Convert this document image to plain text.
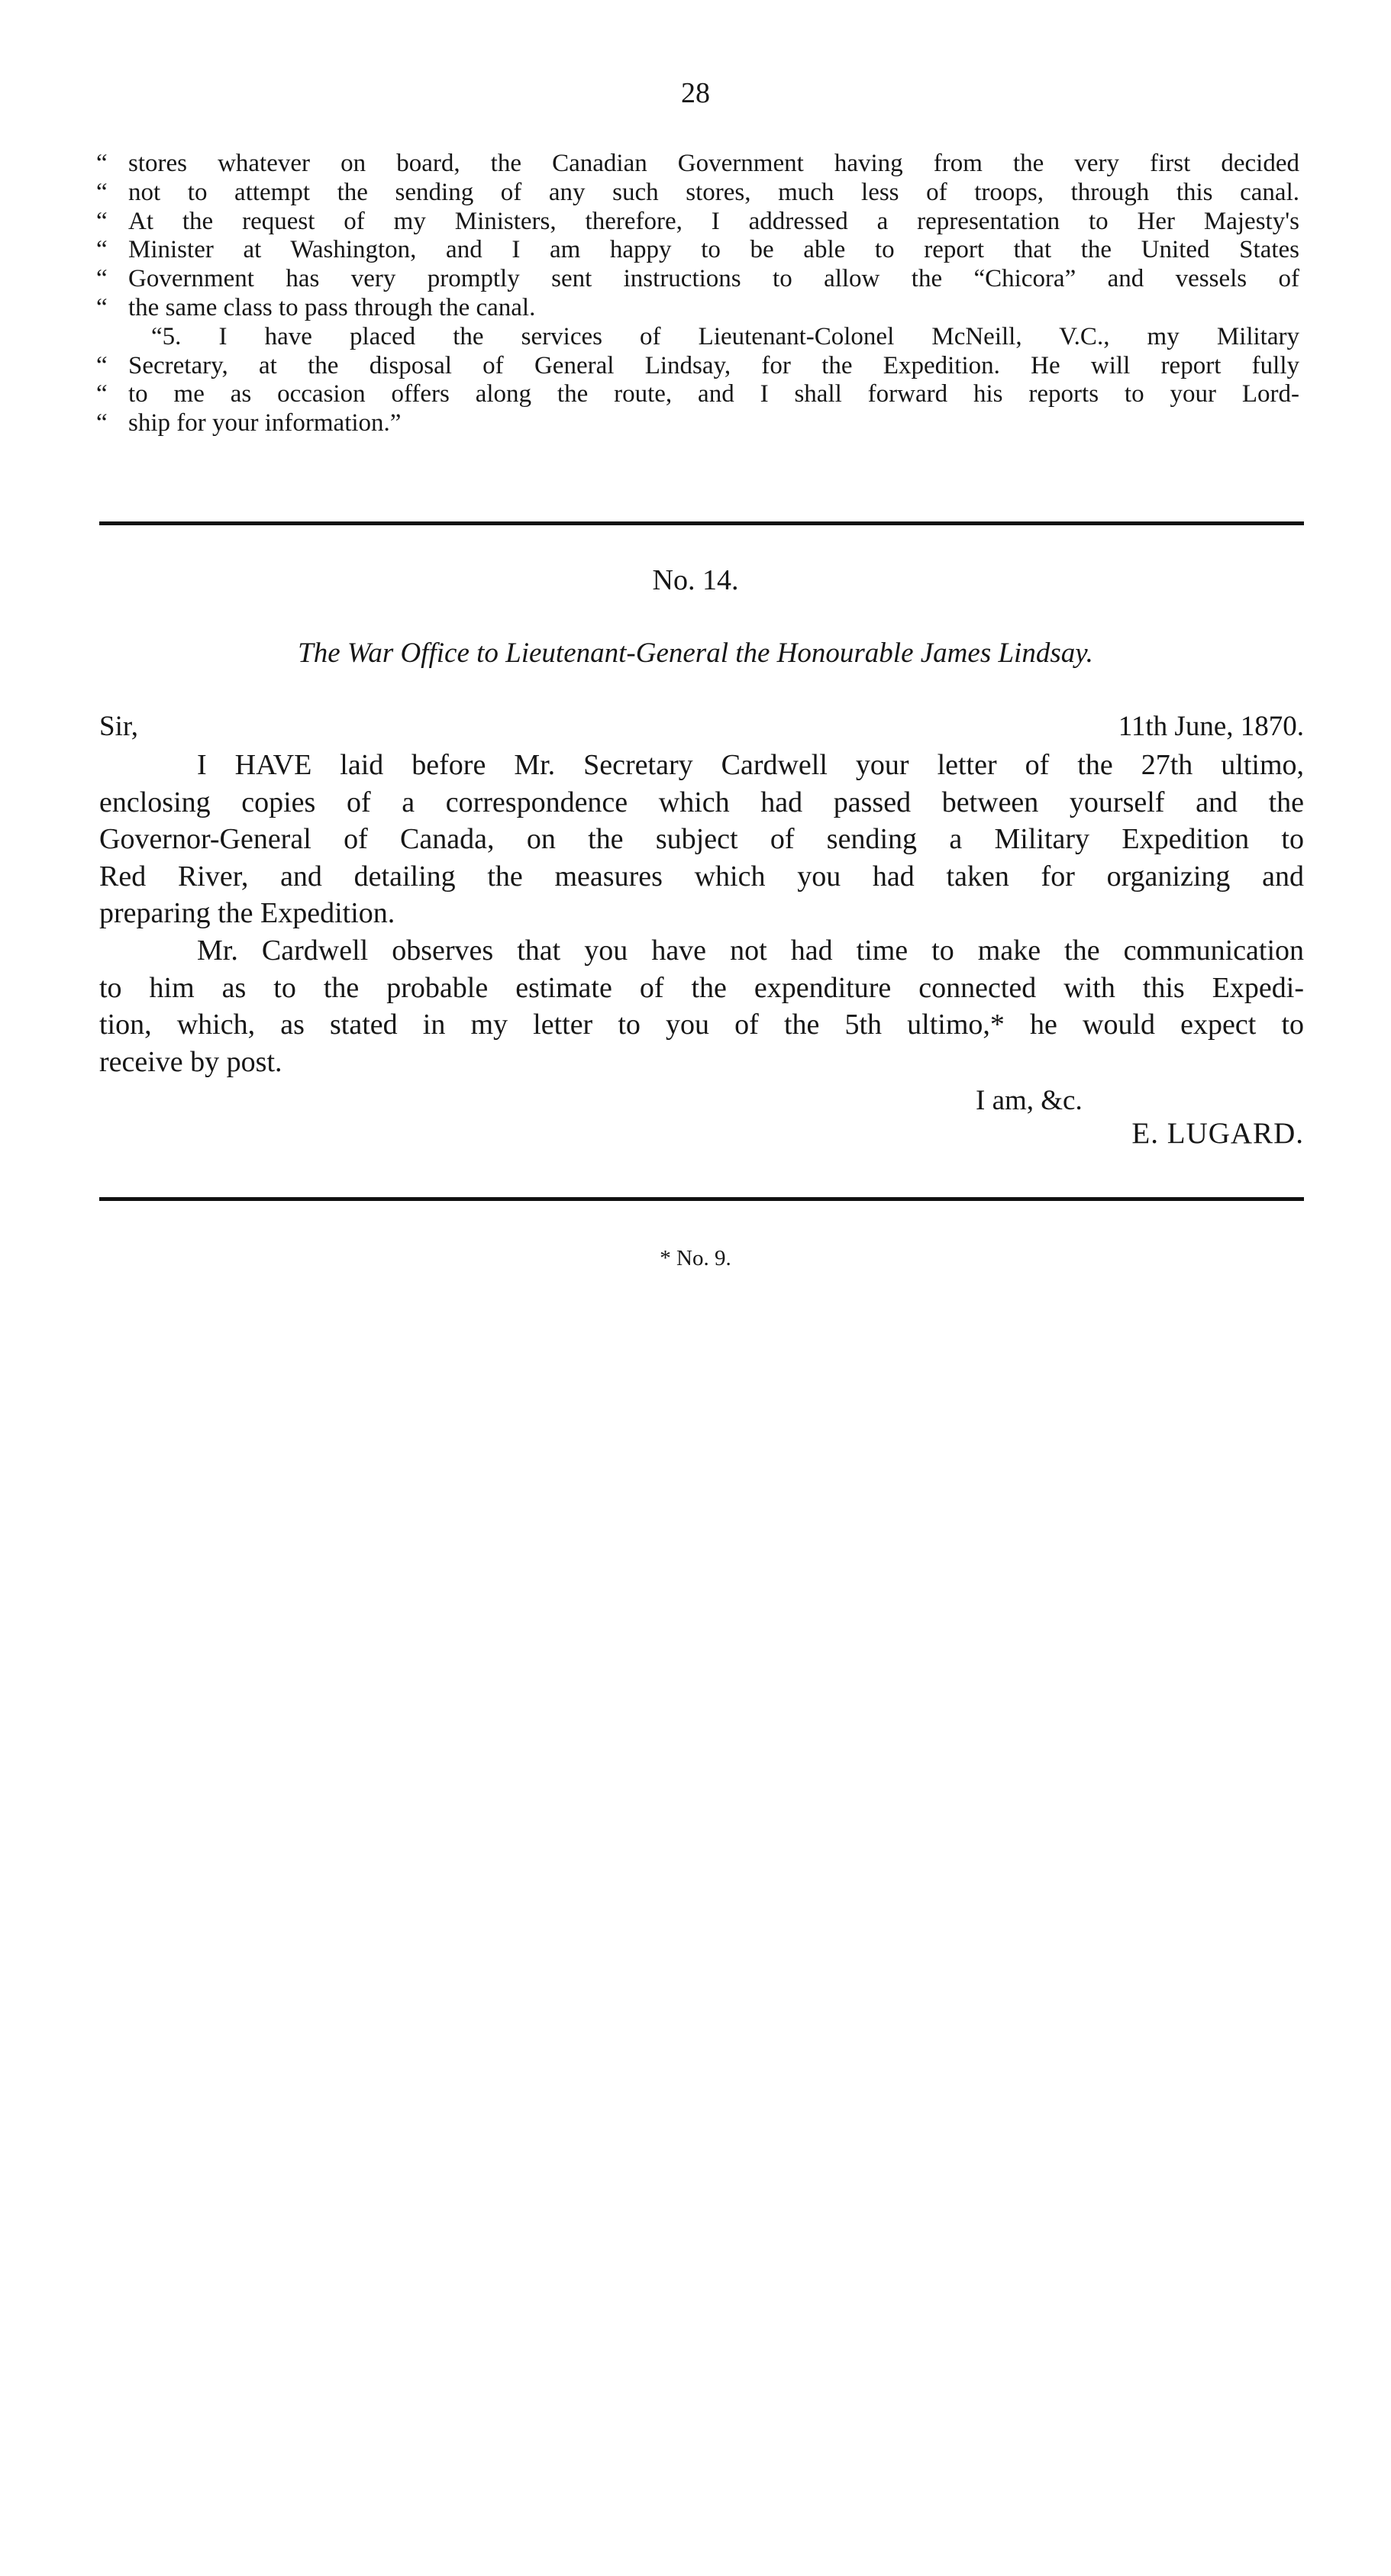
28
“ stores whatever on board, the Canadian Government having from the very first decided
“ not to attempt the sending of any such stores, much less of troops, through this canal.
“ At the request of my Ministers, therefore, I addressed a representation to Her Majesty's
“ Minister at Washington, and I am happy to be able to report that the United States
“ Government has very promptly sent instructions to allow the “Chicora” and vessels of
“ the same class to pass through the canal.
“5. I have placed the services of Lieutenant-Colonel McNeill, V.C., my Military
“ Secretary, at the disposal of General Lindsay, for the Expedition. He will report fully
“ to me as occasion offers along the route, and I shall forward his reports to your Lord-
“ ship for your information.”
No. 14.
The War Office to Lieutenant-General the Honourable James Lindsay.
Sir,	11th June, 1870.
I HAVE laid before Mr. Secretary Cardwell your letter of the 27th ultimo,
enclosing copies of a correspondence which had passed between yourself and the
Governor-General of Canada, on the subject of sending a Military Expedition to
Red River, and detailing the measures which you had taken for organizing and
preparing the Expedition.
Mr. Cardwell observes that you have not had time to make the communication
to him as to the probable estimate of the expenditure connected with this Expedi-
tion, which, as stated in my letter to you of the 5th ultimo,* he would expect to
receive by post.
I am, &c.
E. LUGARD.
* No. 9.
